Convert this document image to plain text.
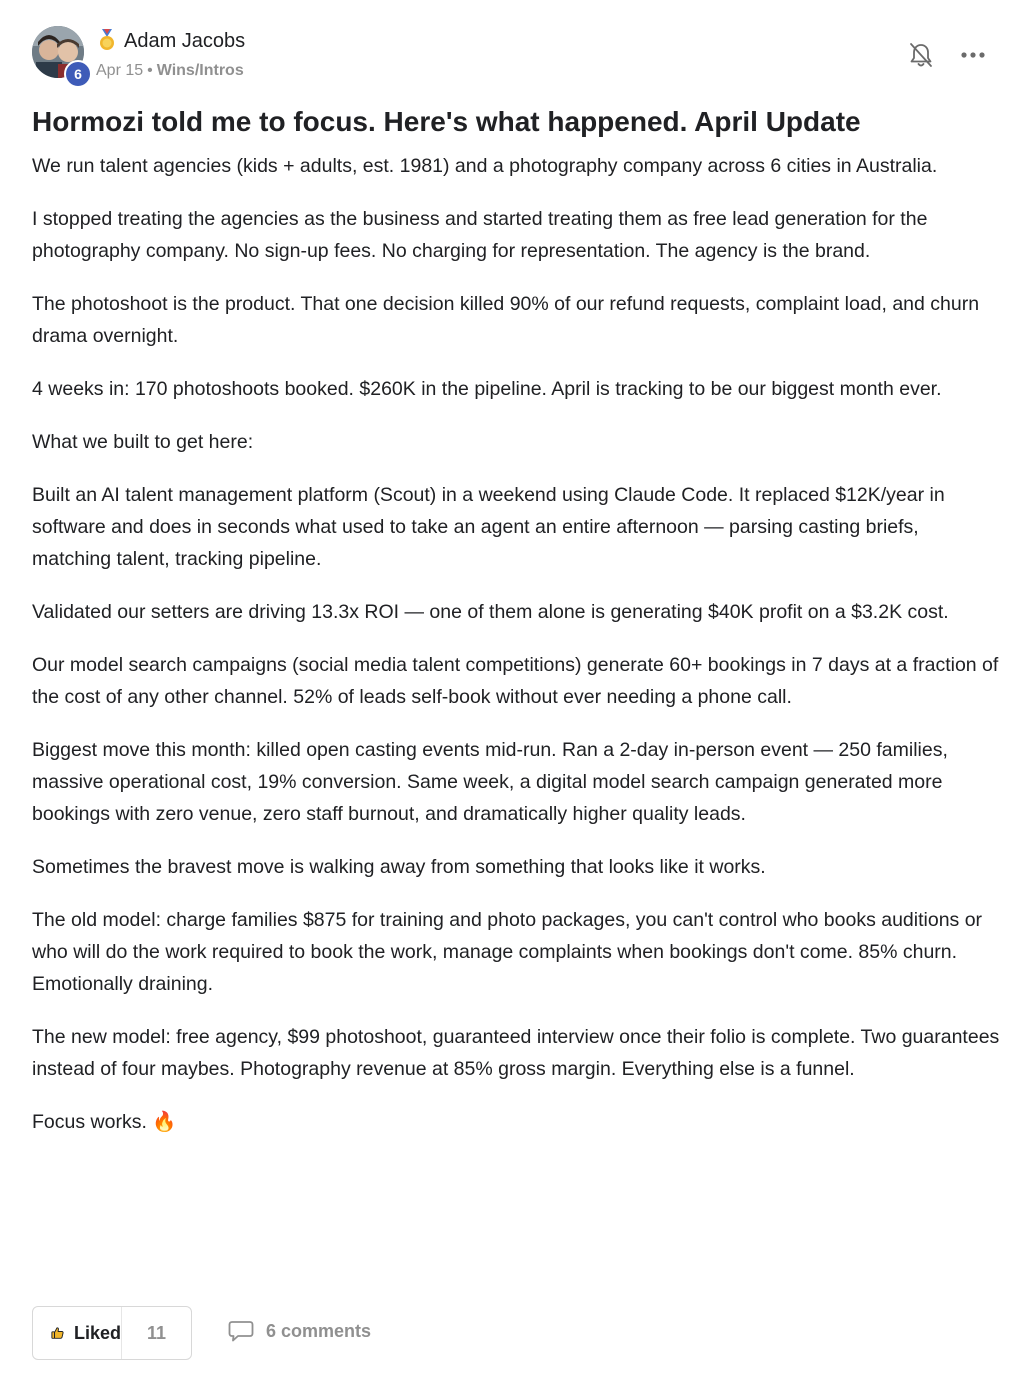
6
Adam Jacobs
Apr 15 • Wins/Intros
Hormozi told me to focus. Here's what happened. April Update

We run talent agencies (kids + adults, est. 1981) and a photography company across 6 cities in Australia.

I stopped treating the agencies as the business and started treating them as free lead generation for the photography company. No sign-up fees. No charging for representation. The agency is the brand.

The photoshoot is the product. That one decision killed 90% of our refund requests, complaint load, and churn drama overnight.

4 weeks in: 170 photoshoots booked. $260K in the pipeline. April is tracking to be our biggest month ever.

What we built to get here:

Built an AI talent management platform (Scout) in a weekend using Claude Code. It replaced $12K/year in software and does in seconds what used to take an agent an entire afternoon — parsing casting briefs, matching talent, tracking pipeline.

Validated our setters are driving 13.3x ROI — one of them alone is generating $40K profit on a $3.2K cost.

Our model search campaigns (social media talent competitions) generate 60+ bookings in 7 days at a fraction of the cost of any other channel. 52% of leads self-book without ever needing a phone call.

Biggest move this month: killed open casting events mid-run. Ran a 2-day in-person event — 250 families, massive operational cost, 19% conversion. Same week, a digital model search campaign generated more bookings with zero venue, zero staff burnout, and dramatically higher quality leads.

Sometimes the bravest move is walking away from something that looks like it works.

The old model: charge families $875 for training and photo packages, you can't control who books auditions or who will do the work required to book the work, manage complaints when bookings don't come. 85% churn. Emotionally draining.

The new model: free agency, $99 photoshoot, guaranteed interview once their folio is complete. Two guarantees instead of four maybes. Photography revenue at 85% gross margin. Everything else is a funnel.

Focus works. 🔥

Liked	11	6 comments
